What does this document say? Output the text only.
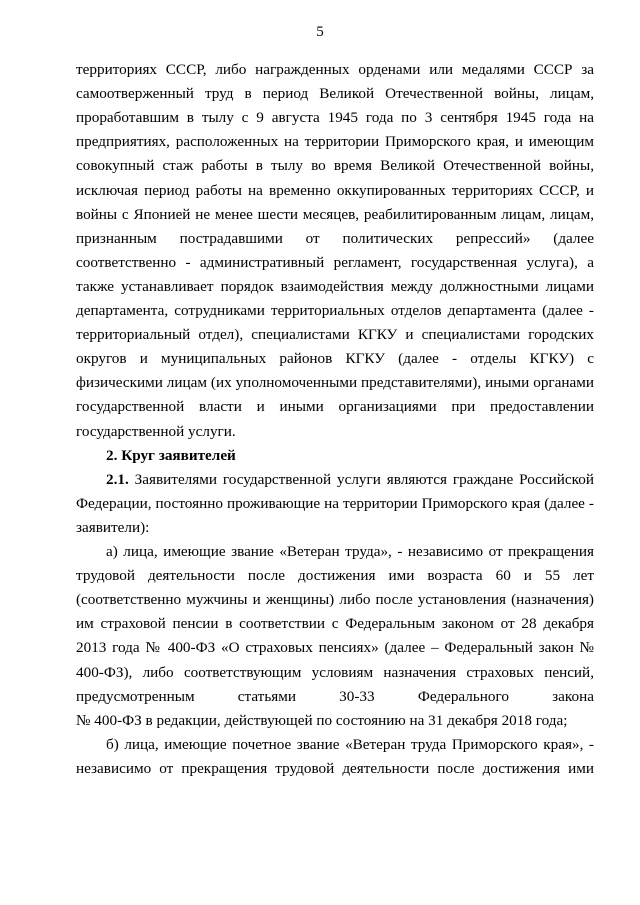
5
территориях СССР, либо награжденных орденами или медалями СССР за
самоотверженный труд в период Великой Отечественной войны, лицам,
проработавшим в тылу с 9 августа 1945 года по 3 сентября 1945 года на
предприятиях, расположенных на территории Приморского края, и имеющим
совокупный стаж работы в тылу во время Великой Отечественной войны,
исключая период работы на временно оккупированных территориях СССР, и
войны с Японией не менее шести месяцев, реабилитированным лицам, лицам,
признанным пострадавшими от политических репрессий» (далее
соответственно - административный регламент, государственная услуга), а
также устанавливает порядок взаимодействия между должностными лицами
департамента, сотрудниками территориальных отделов департамента (далее -
территориальный отдел), специалистами КГКУ и специалистами городских
округов и муниципальных районов КГКУ (далее - отделы КГКУ) с
физическими лицам (их уполномоченными представителями), иными органами
государственной власти и иными организациями при предоставлении
государственной услуги.
2. Круг заявителей
2.1. Заявителями государственной услуги являются граждане Российской
Федерации, постоянно проживающие на территории Приморского края (далее -
заявители):
а) лица, имеющие звание «Ветеран труда», - независимо от прекращения
трудовой деятельности после достижения ими возраста 60 и 55 лет
(соответственно мужчины и женщины) либо после установления (назначения)
им страховой пенсии в соответствии с Федеральным законом от 28 декабря
2013 года № 400-ФЗ «О страховых пенсиях» (далее – Федеральный закон №
400-ФЗ), либо соответствующим условиям назначения страховых пенсий,
предусмотренным статьями 30-33 Федерального закона
№ 400-ФЗ в редакции, действующей по состоянию на 31 декабря 2018 года;
б) лица, имеющие почетное звание «Ветеран труда Приморского края», -
независимо от прекращения трудовой деятельности после достижения ими
